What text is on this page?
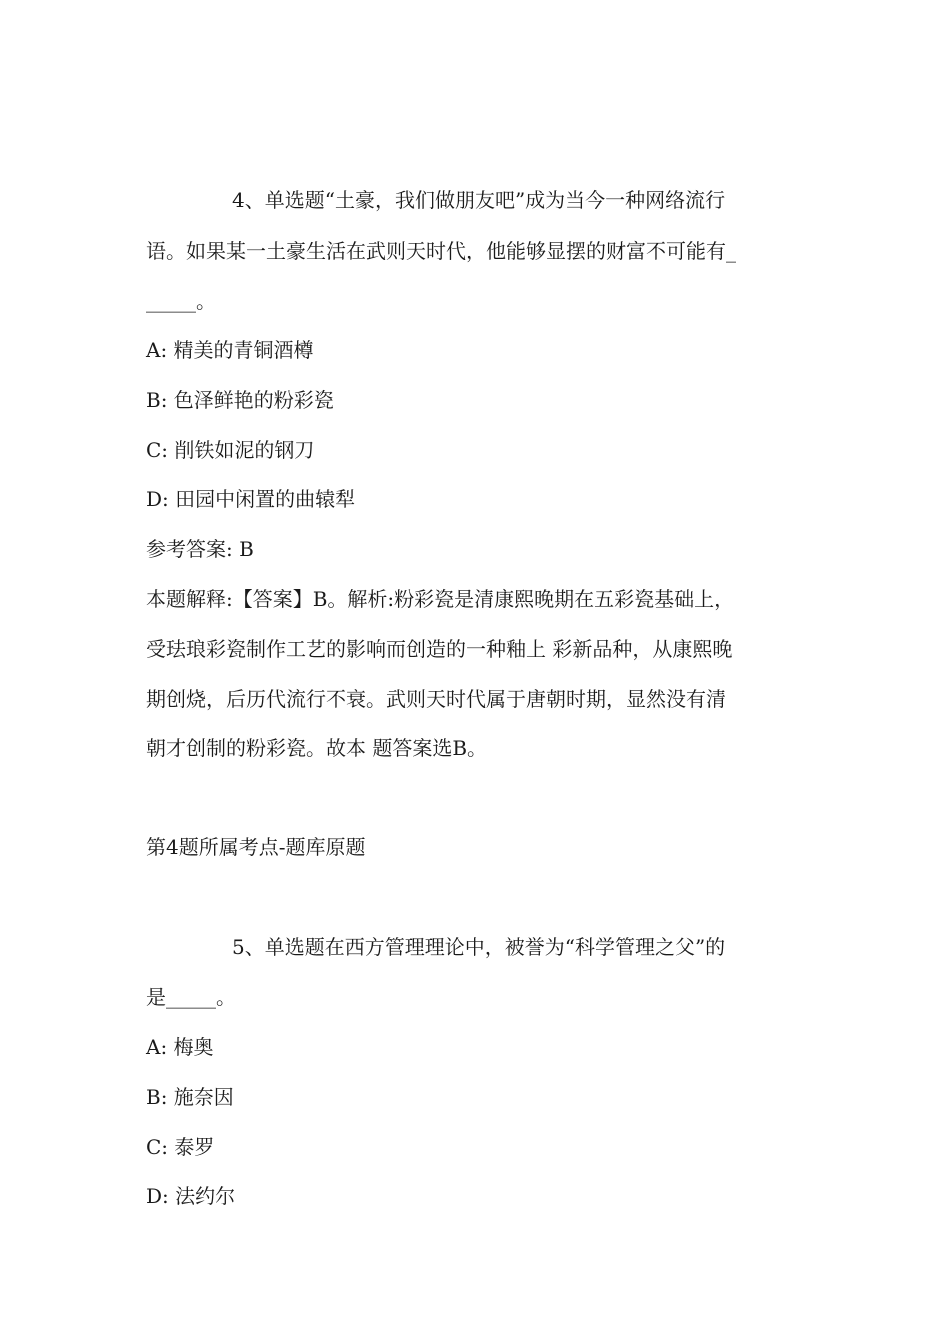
4、单选题“土豪，我们做朋友吧”成为当今一种网络流行
语。如果某一土豪生活在武则天时代，他能够显摆的财富不可能有_
_____。
A: 精美的青铜酒樽
B: 色泽鲜艳的粉彩瓷
C: 削铁如泥的钢刀
D: 田园中闲置的曲辕犁
参考答案: B
本题解释:【答案】B。解析:粉彩瓷是清康熙晚期在五彩瓷基础上，
受珐琅彩瓷制作工艺的影响而创造的一种釉上 彩新品种，从康熙晚
期创烧，后历代流行不衰。武则天时代属于唐朝时期，显然没有清
朝才创制的粉彩瓷。故本 题答案选B。
第4题所属考点-题库原题
5、单选题在西方管理理论中，被誉为“科学管理之父”的
是_____。
A: 梅奥
B: 施奈因
C: 泰罗
D: 法约尔
